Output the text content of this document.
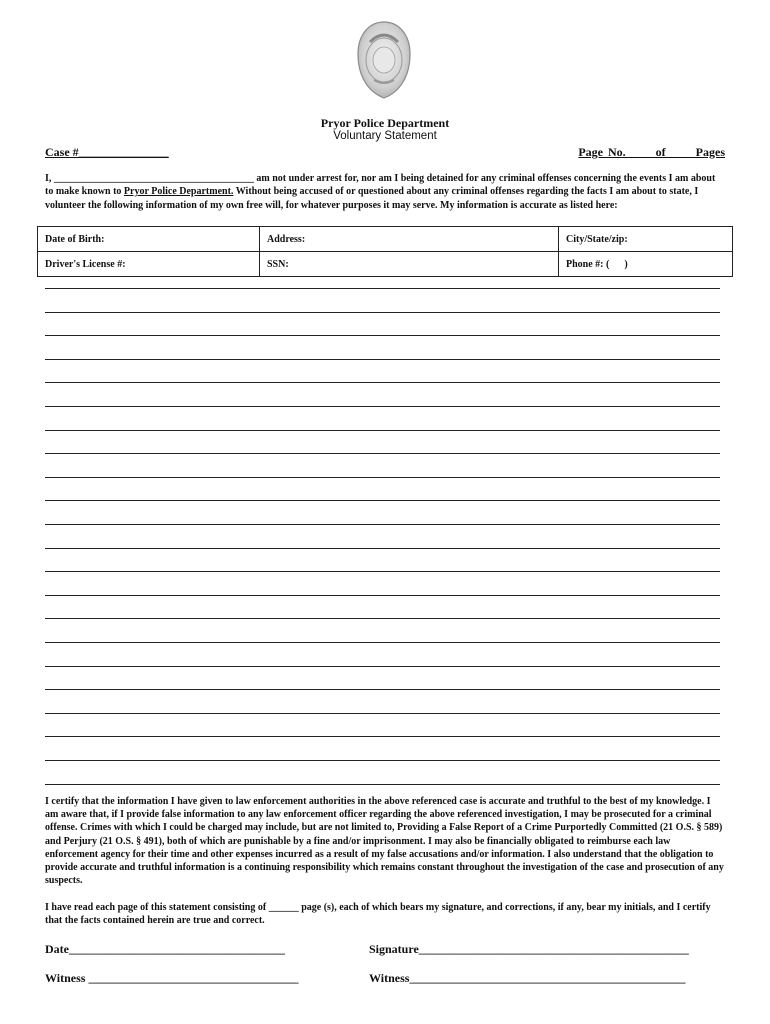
Pryor Police Department
Voluntary Statement
Case #_______________	Page No.      of      Pages
I, ________________________________________ am not under arrest for, nor am I being detained for any criminal offenses concerning the events I am about to make known to Pryor Police Department. Without being accused of or questioned about any criminal offenses regarding the facts I am about to state, I volunteer the following information of my own free will, for whatever purposes it may serve. My information is accurate as listed here:
Date of Birth:	Address:	City/State/zip:
Driver's License #:	SSN:	Phone #: (      )
I certify that the information I have given to law enforcement authorities in the above referenced case is accurate and truthful to the best of my knowledge. I am aware that, if I provide false information to any law enforcement officer regarding the above referenced investigation, I may be prosecuted for a criminal offense. Crimes with which I could be charged may include, but are not limited to, Providing a False Report of a Crime Purportedly Committed (21 O.S. § 589) and Perjury (21 O.S. § 491), both of which are punishable by a fine and/or imprisonment. I may also be financially obligated to reimburse each law enforcement agency for their time and other expenses incurred as a result of my false accusations and/or information. I also understand that the obligation to provide accurate and truthful information is a continuing responsibility which remains constant throughout the investigation of the case and prosecution of any suspects.
I have read each page of this statement consisting of ______ page (s), each of which bears my signature, and corrections, if any, bear my initials, and I certify that the facts contained herein are true and correct.
Date____________________________________	Signature_____________________________________________
Witness ___________________________________	Witness______________________________________________
